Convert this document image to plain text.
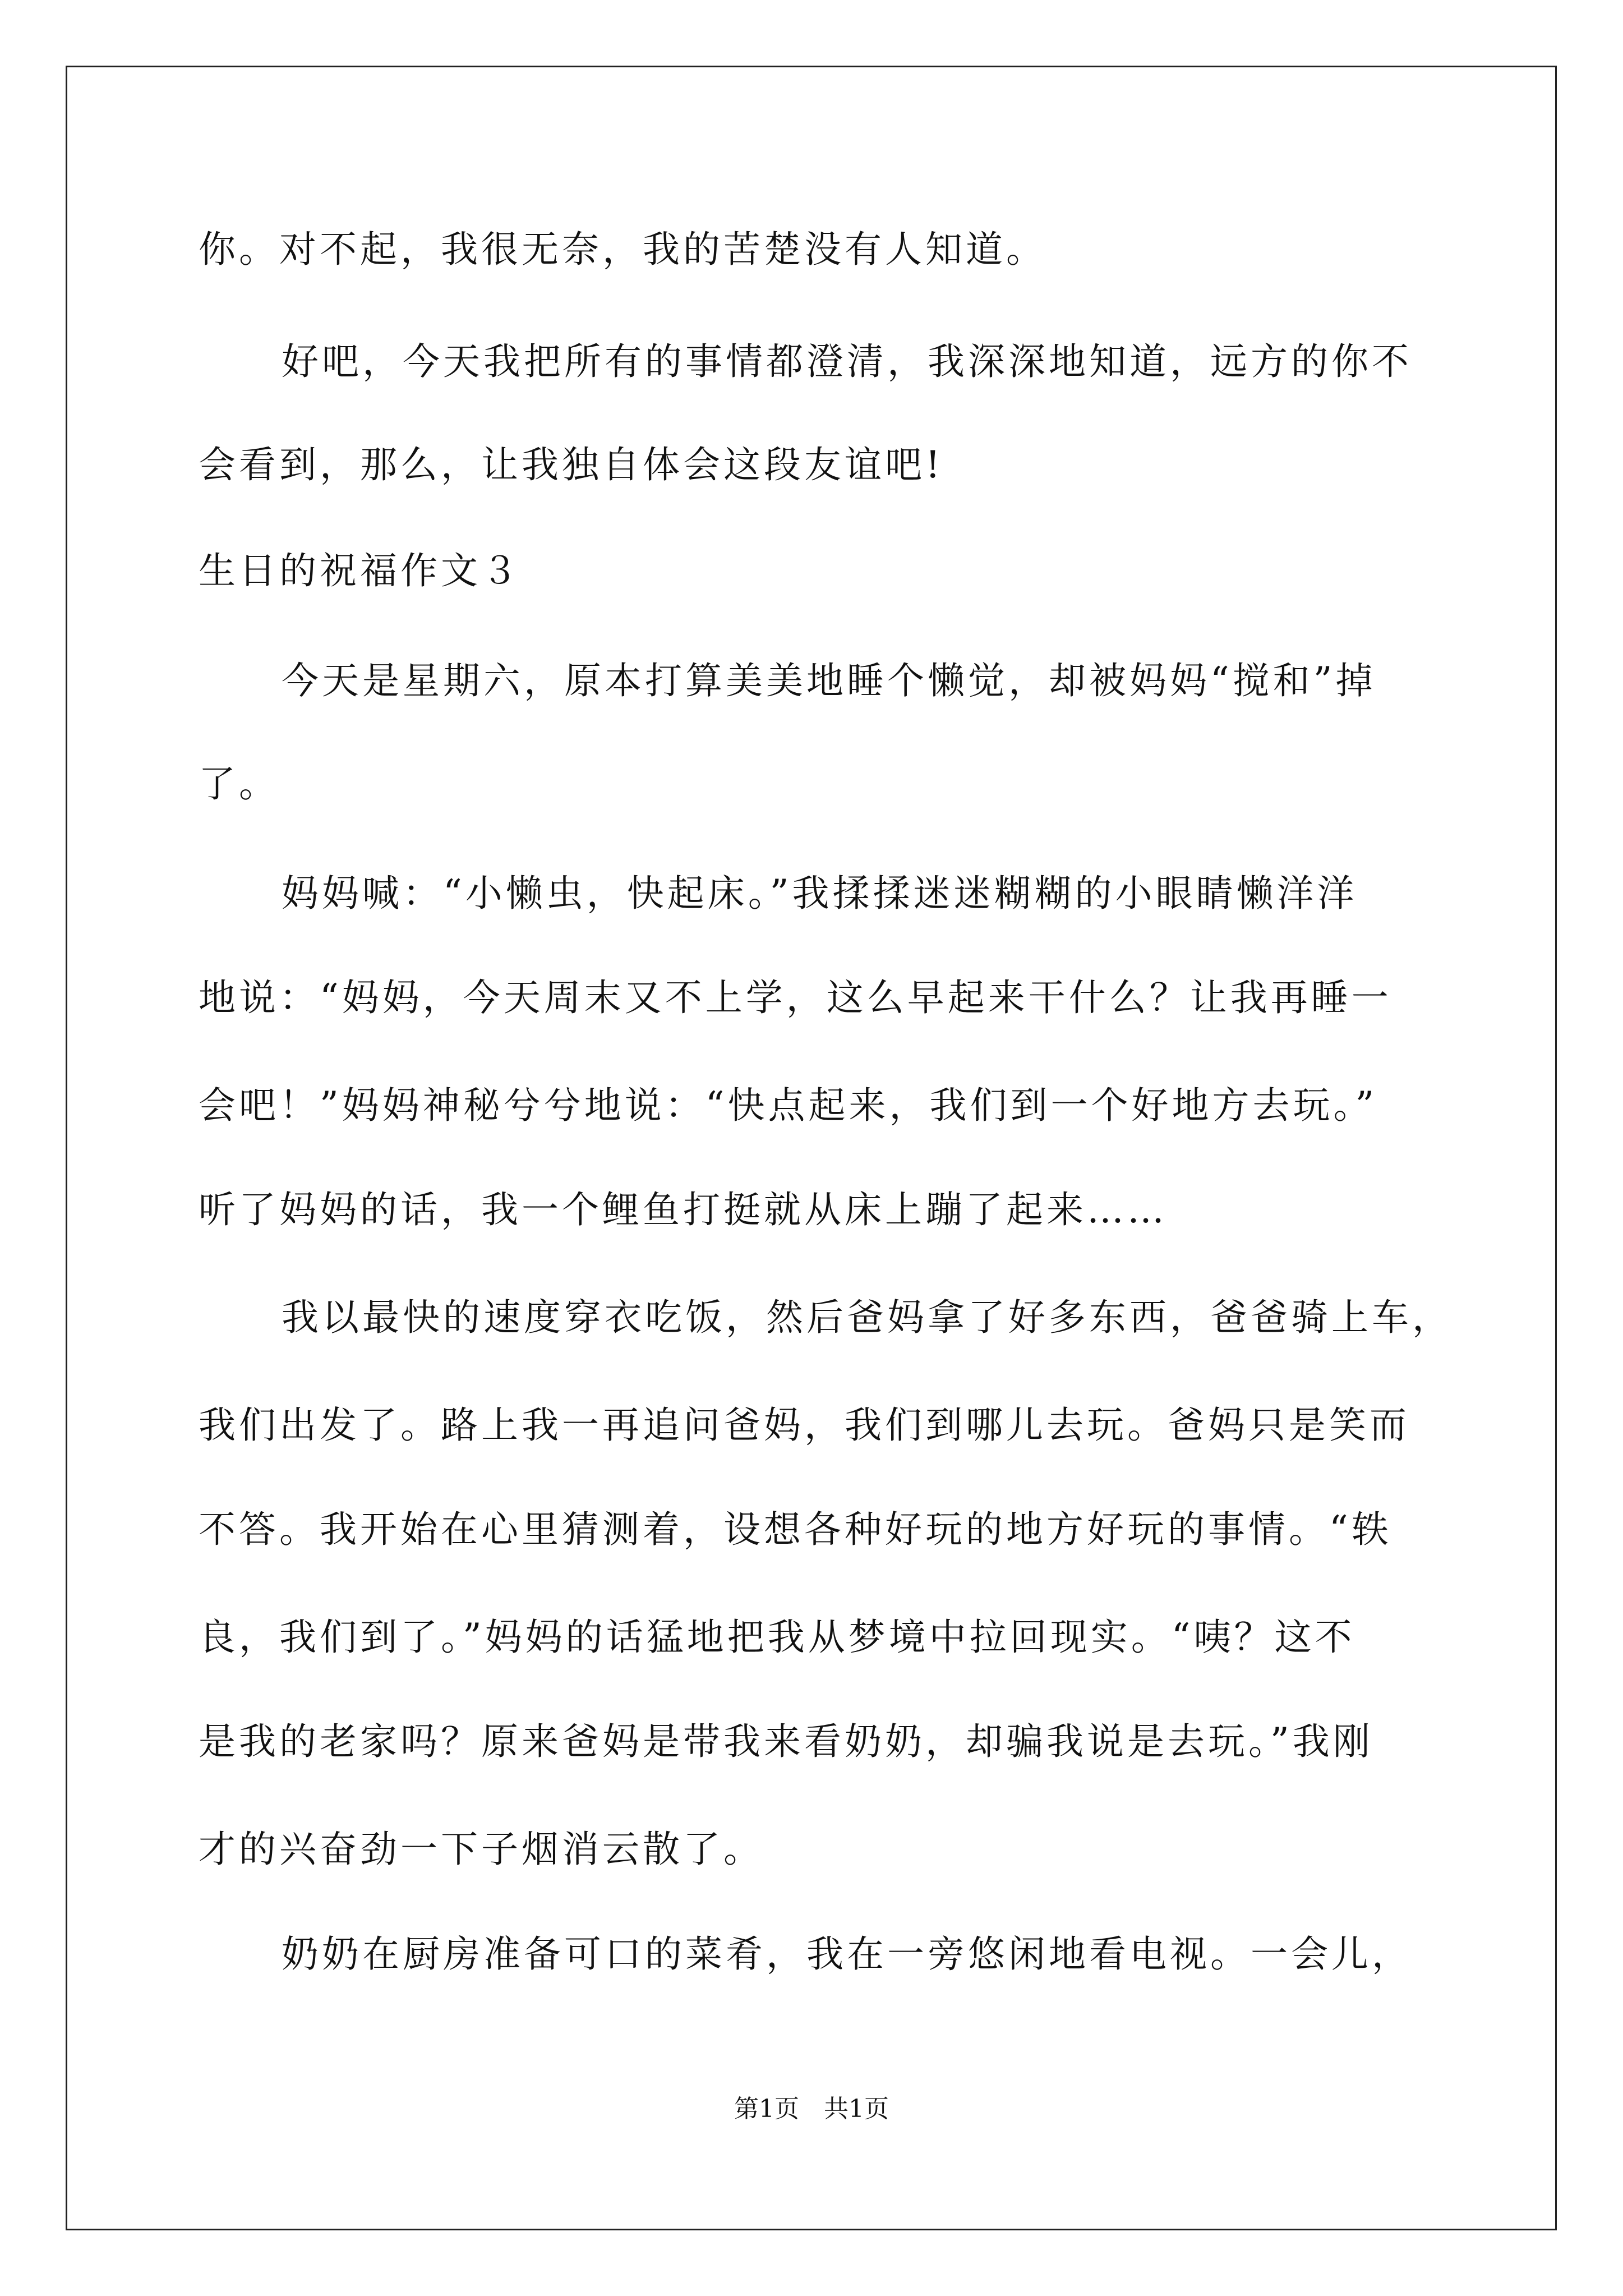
你。对不起，我很无奈，我的苦楚没有人知道。
好吧，今天我把所有的事情都澄清，我深深地知道，远方的你不
会看到，那么，让我独自体会这段友谊吧!
生日的祝福作文３
今天是星期六，原本打算美美地睡个懒觉，却被妈妈“搅和”掉
了。
妈妈喊：“小懒虫，快起床。”我揉揉迷迷糊糊的小眼睛懒洋洋
地说：“妈妈，今天周末又不上学，这么早起来干什么？让我再睡一
会吧！”妈妈神秘兮兮地说：“快点起来，我们到一个好地方去玩。”
听了妈妈的话，我一个鲤鱼打挺就从床上蹦了起来……
我以最快的速度穿衣吃饭，然后爸妈拿了好多东西，爸爸骑上车，
我们出发了。路上我一再追问爸妈，我们到哪儿去玩。爸妈只是笑而
不答。我开始在心里猜测着，设想各种好玩的地方好玩的事情。“轶
良，我们到了。”妈妈的话猛地把我从梦境中拉回现实。“咦？这不
是我的老家吗？原来爸妈是带我来看奶奶，却骗我说是去玩。”我刚
才的兴奋劲一下子烟消云散了。
奶奶在厨房准备可口的菜肴，我在一旁悠闲地看电视。一会儿，
第1页　共1页
